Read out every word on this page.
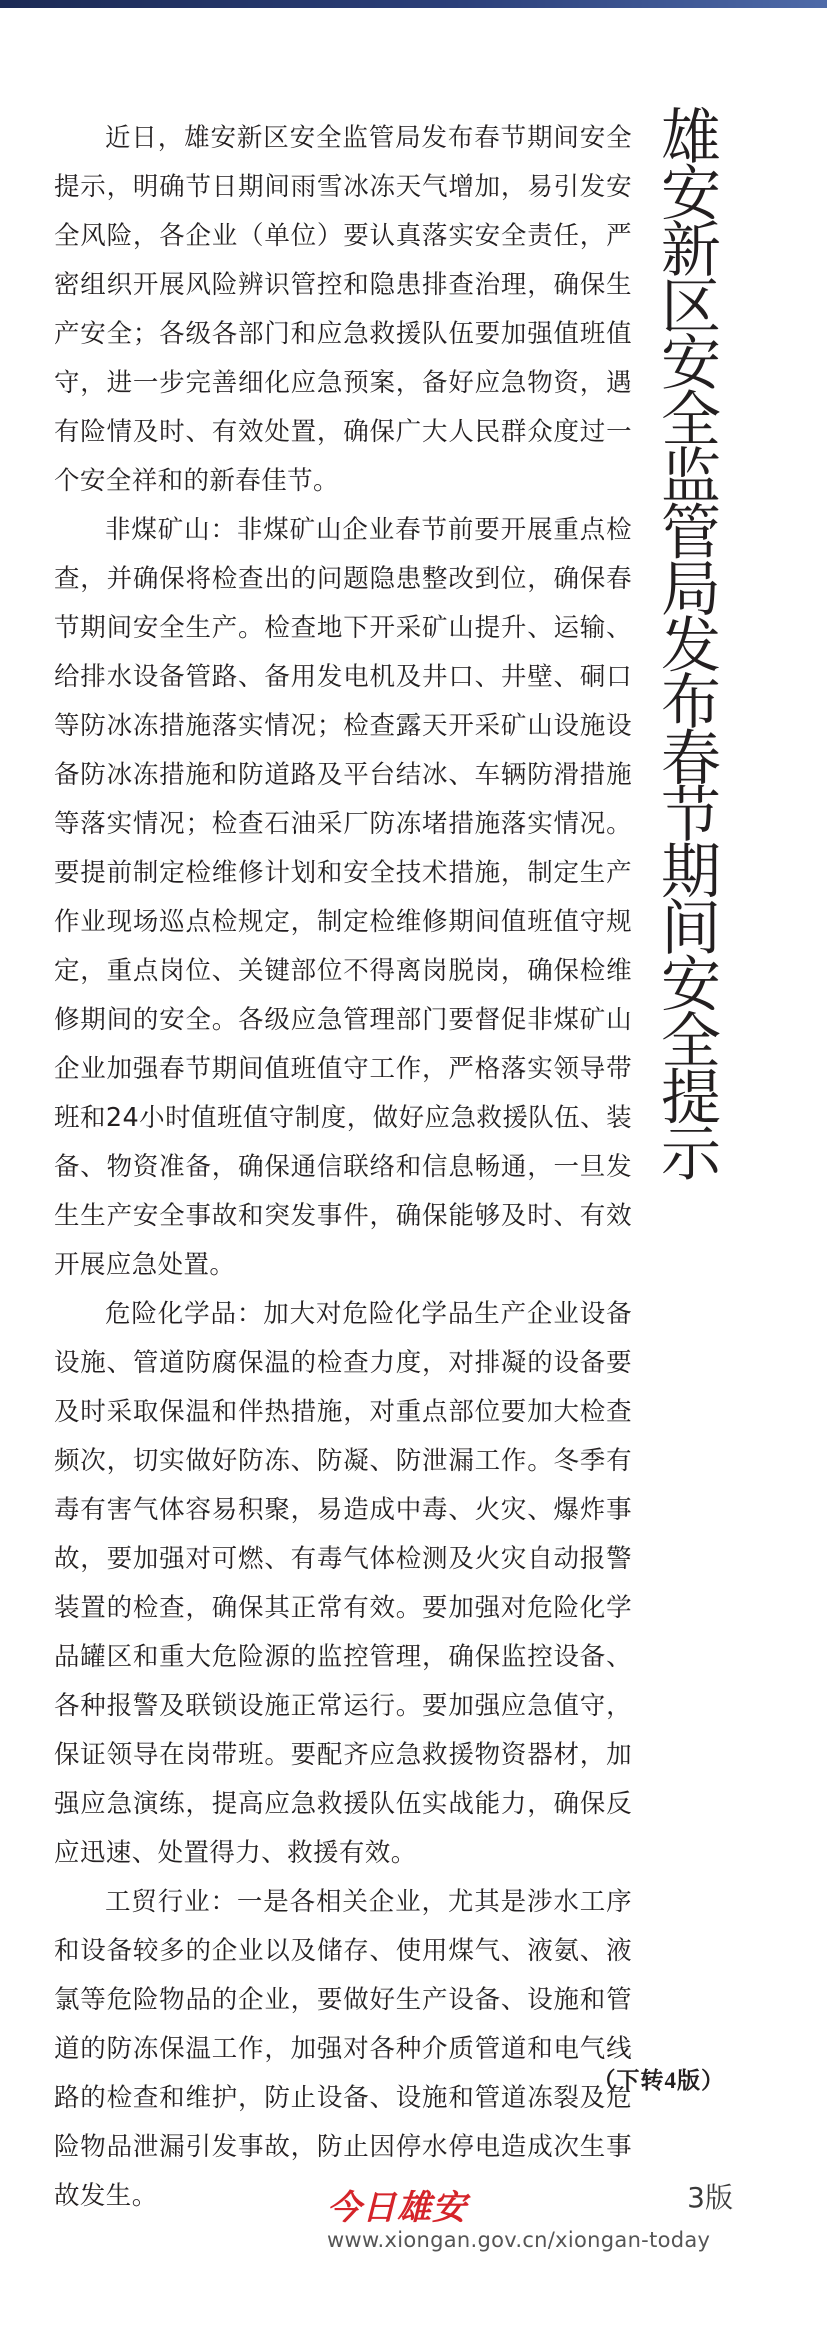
近日，雄安新区安全监管局发布春节期间安全提示，明确节日期间雨雪冰冻天气增加，易引发安全风险，各企业（单位）要认真落实安全责任，严密组织开展风险辨识管控和隐患排查治理，确保生产安全；各级各部门和应急救援队伍要加强值班值守，进一步完善细化应急预案，备好应急物资，遇有险情及时、有效处置，确保广大人民群众度过一个安全祥和的新春佳节。

非煤矿山：非煤矿山企业春节前要开展重点检查，并确保将检查出的问题隐患整改到位，确保春节期间安全生产。检查地下开采矿山提升、运输、给排水设备管路、备用发电机及井口、井壁、硐口等防冰冻措施落实情况；检查露天开采矿山设施设备防冰冻措施和防道路及平台结冰、车辆防滑措施等落实情况；检查石油采厂防冻堵措施落实情况。要提前制定检维修计划和安全技术措施，制定生产作业现场巡点检规定，制定检维修期间值班值守规定，重点岗位、关键部位不得离岗脱岗，确保检维修期间的安全。各级应急管理部门要督促非煤矿山企业加强春节期间值班值守工作，严格落实领导带班和24小时值班值守制度，做好应急救援队伍、装备、物资准备，确保通信联络和信息畅通，一旦发生生产安全事故和突发事件，确保能够及时、有效开展应急处置。

危险化学品：加大对危险化学品生产企业设备设施、管道防腐保温的检查力度，对排凝的设备要及时采取保温和伴热措施，对重点部位要加大检查频次，切实做好防冻、防凝、防泄漏工作。冬季有毒有害气体容易积聚，易造成中毒、火灾、爆炸事故，要加强对可燃、有毒气体检测及火灾自动报警装置的检查，确保其正常有效。要加强对危险化学品罐区和重大危险源的监控管理，确保监控设备、各种报警及联锁设施正常运行。要加强应急值守，保证领导在岗带班。要配齐应急救援物资器材，加强应急演练，提高应急救援队伍实战能力，确保反应迅速、处置得力、救援有效。

工贸行业：一是各相关企业，尤其是涉水工序和设备较多的企业以及储存、使用煤气、液氨、液氯等危险物品的企业，要做好生产设备、设施和管道的防冻保温工作，加强对各种介质管道和电气线路的检查和维护，防止设备、设施和管道冻裂及危险物品泄漏引发事故，防止因停水停电造成次生事故发生。

雄安新区安全监管局发布春节期间安全提示
（下转4版）
今日雄安	3版
www.xiongan.gov.cn/xiongan-today
